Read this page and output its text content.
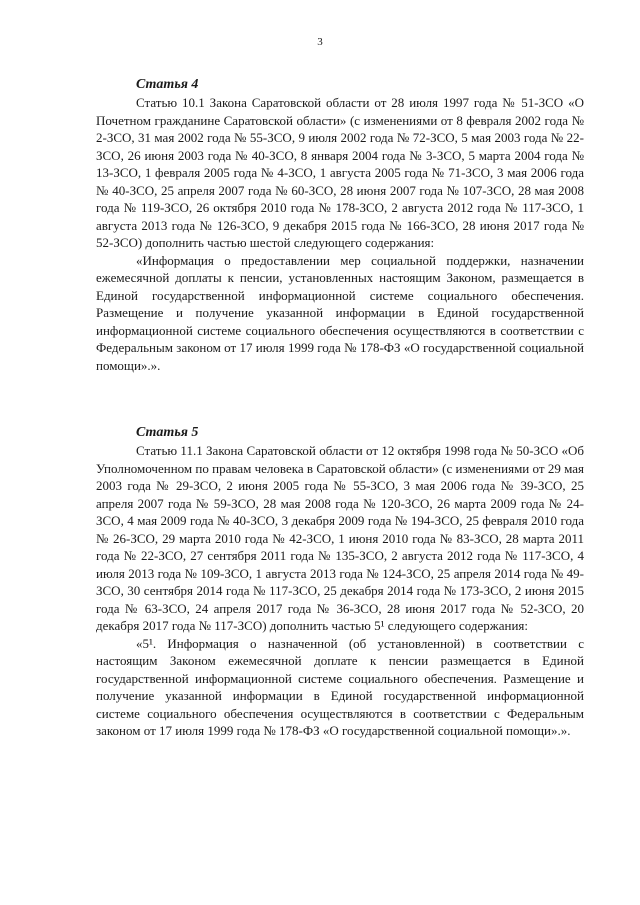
3

Статья 4

Статью 10.1 Закона Саратовской области от 28 июля 1997 года № 51-ЗСО «О Почетном гражданине Саратовской области» (с изменениями от 8 февраля 2002 года № 2-ЗСО, 31 мая 2002 года № 55-ЗСО, 9 июля 2002 года № 72-ЗСО, 5 мая 2003 года № 22-ЗСО, 26 июня 2003 года № 40-ЗСО, 8 января 2004 года № 3-ЗСО, 5 марта 2004 года № 13-ЗСО, 1 февраля 2005 года № 4-ЗСО, 1 августа 2005 года № 71-ЗСО, 3 мая 2006 года № 40-ЗСО, 25 апреля 2007 года № 60-ЗСО, 28 июня 2007 года № 107-ЗСО, 28 мая 2008 года № 119-ЗСО, 26 октября 2010 года № 178-ЗСО, 2 августа 2012 года № 117-ЗСО, 1 августа 2013 года № 126-ЗСО, 9 декабря 2015 года № 166-ЗСО, 28 июня 2017 года № 52-ЗСО) дополнить частью шестой следующего содержания:

«Информация о предоставлении мер социальной поддержки, назначении ежемесячной доплаты к пенсии, установленных настоящим Законом, размещается в Единой государственной информационной системе социального обеспечения. Размещение и получение указанной информации в Единой государственной информационной системе социального обеспечения осуществляются в соответствии с Федеральным законом от 17 июля 1999 года № 178-ФЗ «О государственной социальной помощи».».

Статья 5

Статью 11.1 Закона Саратовской области от 12 октября 1998 года № 50-ЗСО «Об Уполномоченном по правам человека в Саратовской области» (с изменениями от 29 мая 2003 года № 29-ЗСО, 2 июня 2005 года № 55-ЗСО, 3 мая 2006 года № 39-ЗСО, 25 апреля 2007 года № 59-ЗСО, 28 мая 2008 года № 120-ЗСО, 26 марта 2009 года № 24-ЗСО, 4 мая 2009 года № 40-ЗСО, 3 декабря 2009 года № 194-ЗСО, 25 февраля 2010 года № 26-ЗСО, 29 марта 2010 года № 42-ЗСО, 1 июня 2010 года № 83-ЗСО, 28 марта 2011 года № 22-ЗСО, 27 сентября 2011 года № 135-ЗСО, 2 августа 2012 года № 117-ЗСО, 4 июля 2013 года № 109-ЗСО, 1 августа 2013 года № 124-ЗСО, 25 апреля 2014 года № 49-ЗСО, 30 сентября 2014 года № 117-ЗСО, 25 декабря 2014 года № 173-ЗСО, 2 июня 2015 года № 63-ЗСО, 24 апреля 2017 года № 36-ЗСО, 28 июня 2017 года № 52-ЗСО, 20 декабря 2017 года № 117-ЗСО) дополнить частью 5¹ следующего содержания:

«5¹. Информация о назначенной (об установленной) в соответствии с настоящим Законом ежемесячной доплате к пенсии размещается в Единой государственной информационной системе социального обеспечения. Размещение и получение указанной информации в Единой государственной информационной системе социального обеспечения осуществляются в соответствии с Федеральным законом от 17 июля 1999 года № 178-ФЗ «О государственной социальной помощи».».
